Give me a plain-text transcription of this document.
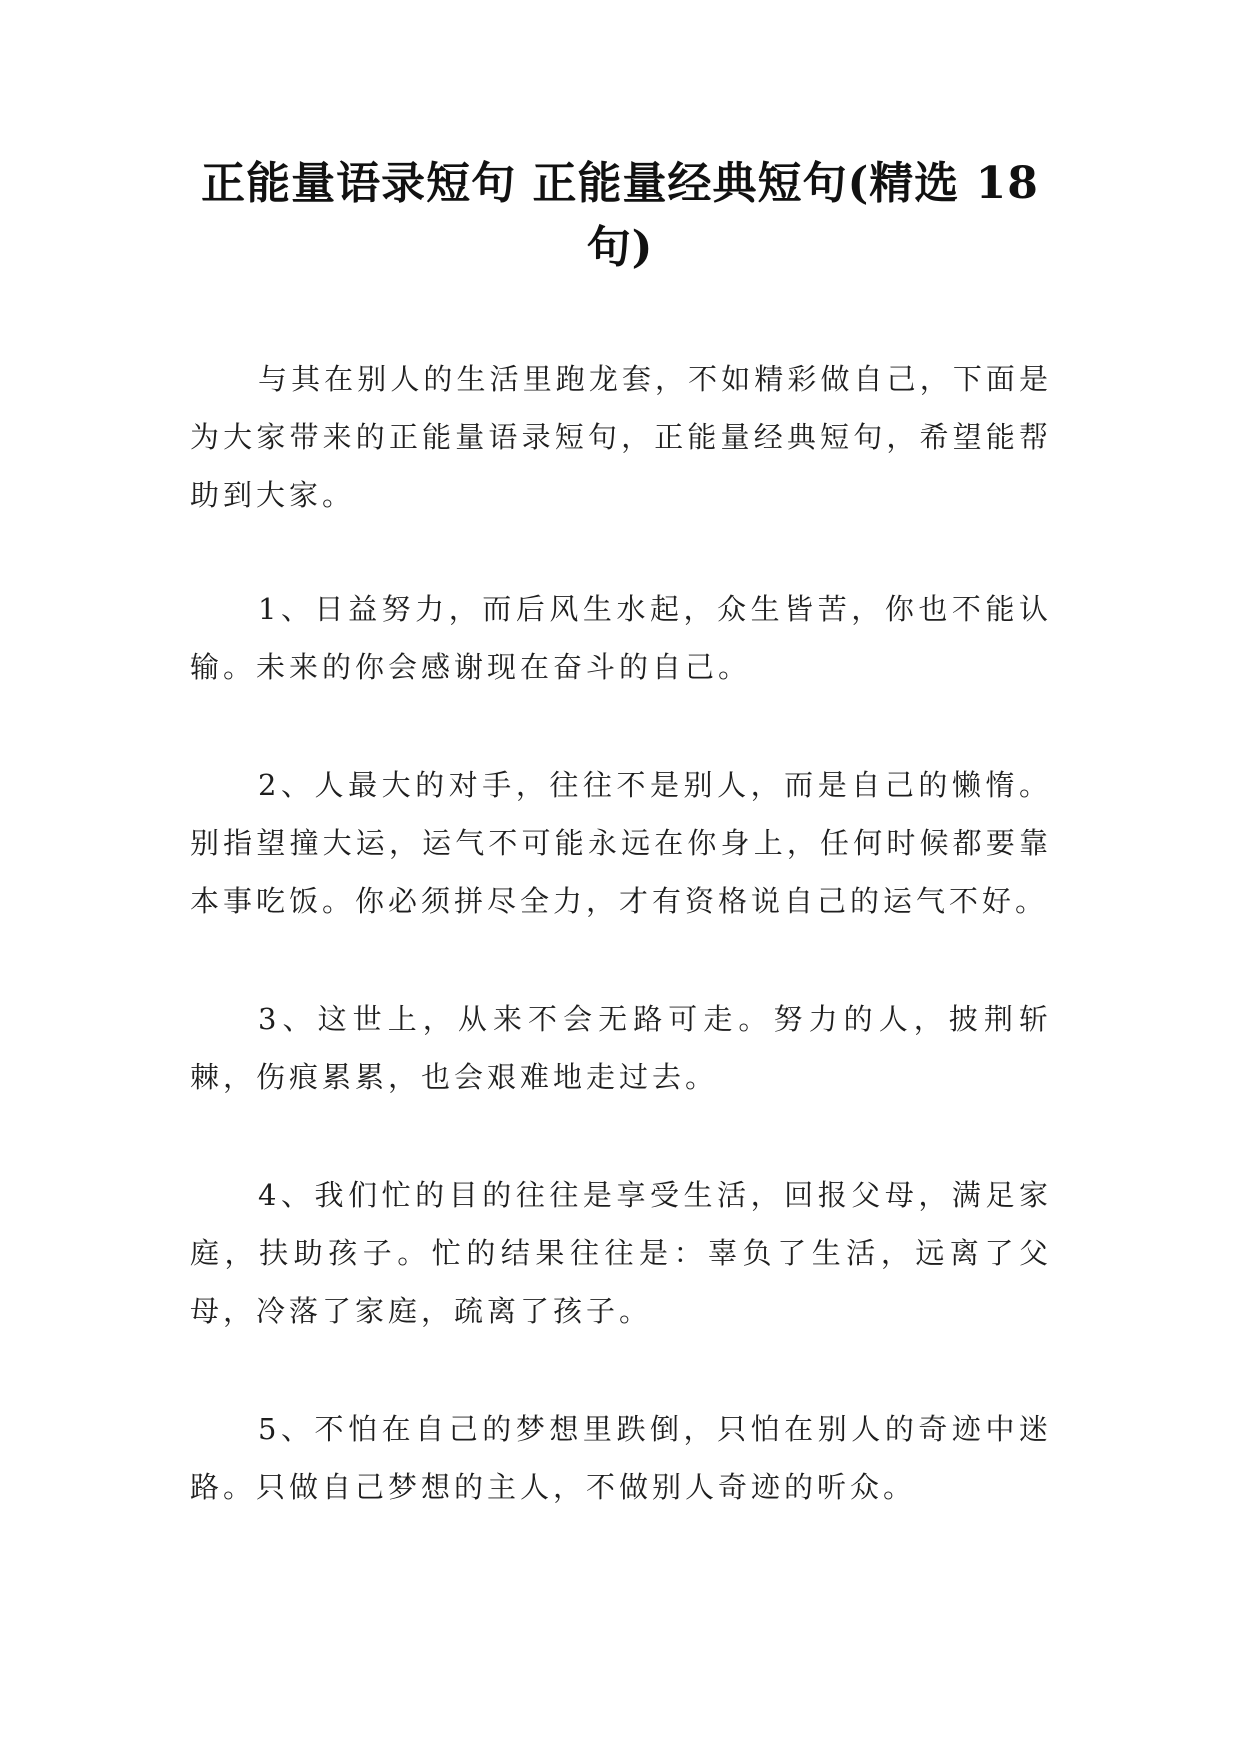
正能量语录短句 正能量经典短句(精选 18 句)

与其在别人的生活里跑龙套，不如精彩做自己，下面是为大家带来的正能量语录短句，正能量经典短句，希望能帮助到大家。

1、日益努力，而后风生水起，众生皆苦，你也不能认输。未来的你会感谢现在奋斗的自己。

2、人最大的对手，往往不是别人，而是自己的懒惰。别指望撞大运，运气不可能永远在你身上，任何时候都要靠本事吃饭。你必须拼尽全力，才有资格说自己的运气不好。

3、这世上，从来不会无路可走。努力的人，披荆斩棘，伤痕累累，也会艰难地走过去。

4、我们忙的目的往往是享受生活，回报父母，满足家庭，扶助孩子。忙的结果往往是：辜负了生活，远离了父母，冷落了家庭，疏离了孩子。

5、不怕在自己的梦想里跌倒，只怕在别人的奇迹中迷路。只做自己梦想的主人，不做别人奇迹的听众。
